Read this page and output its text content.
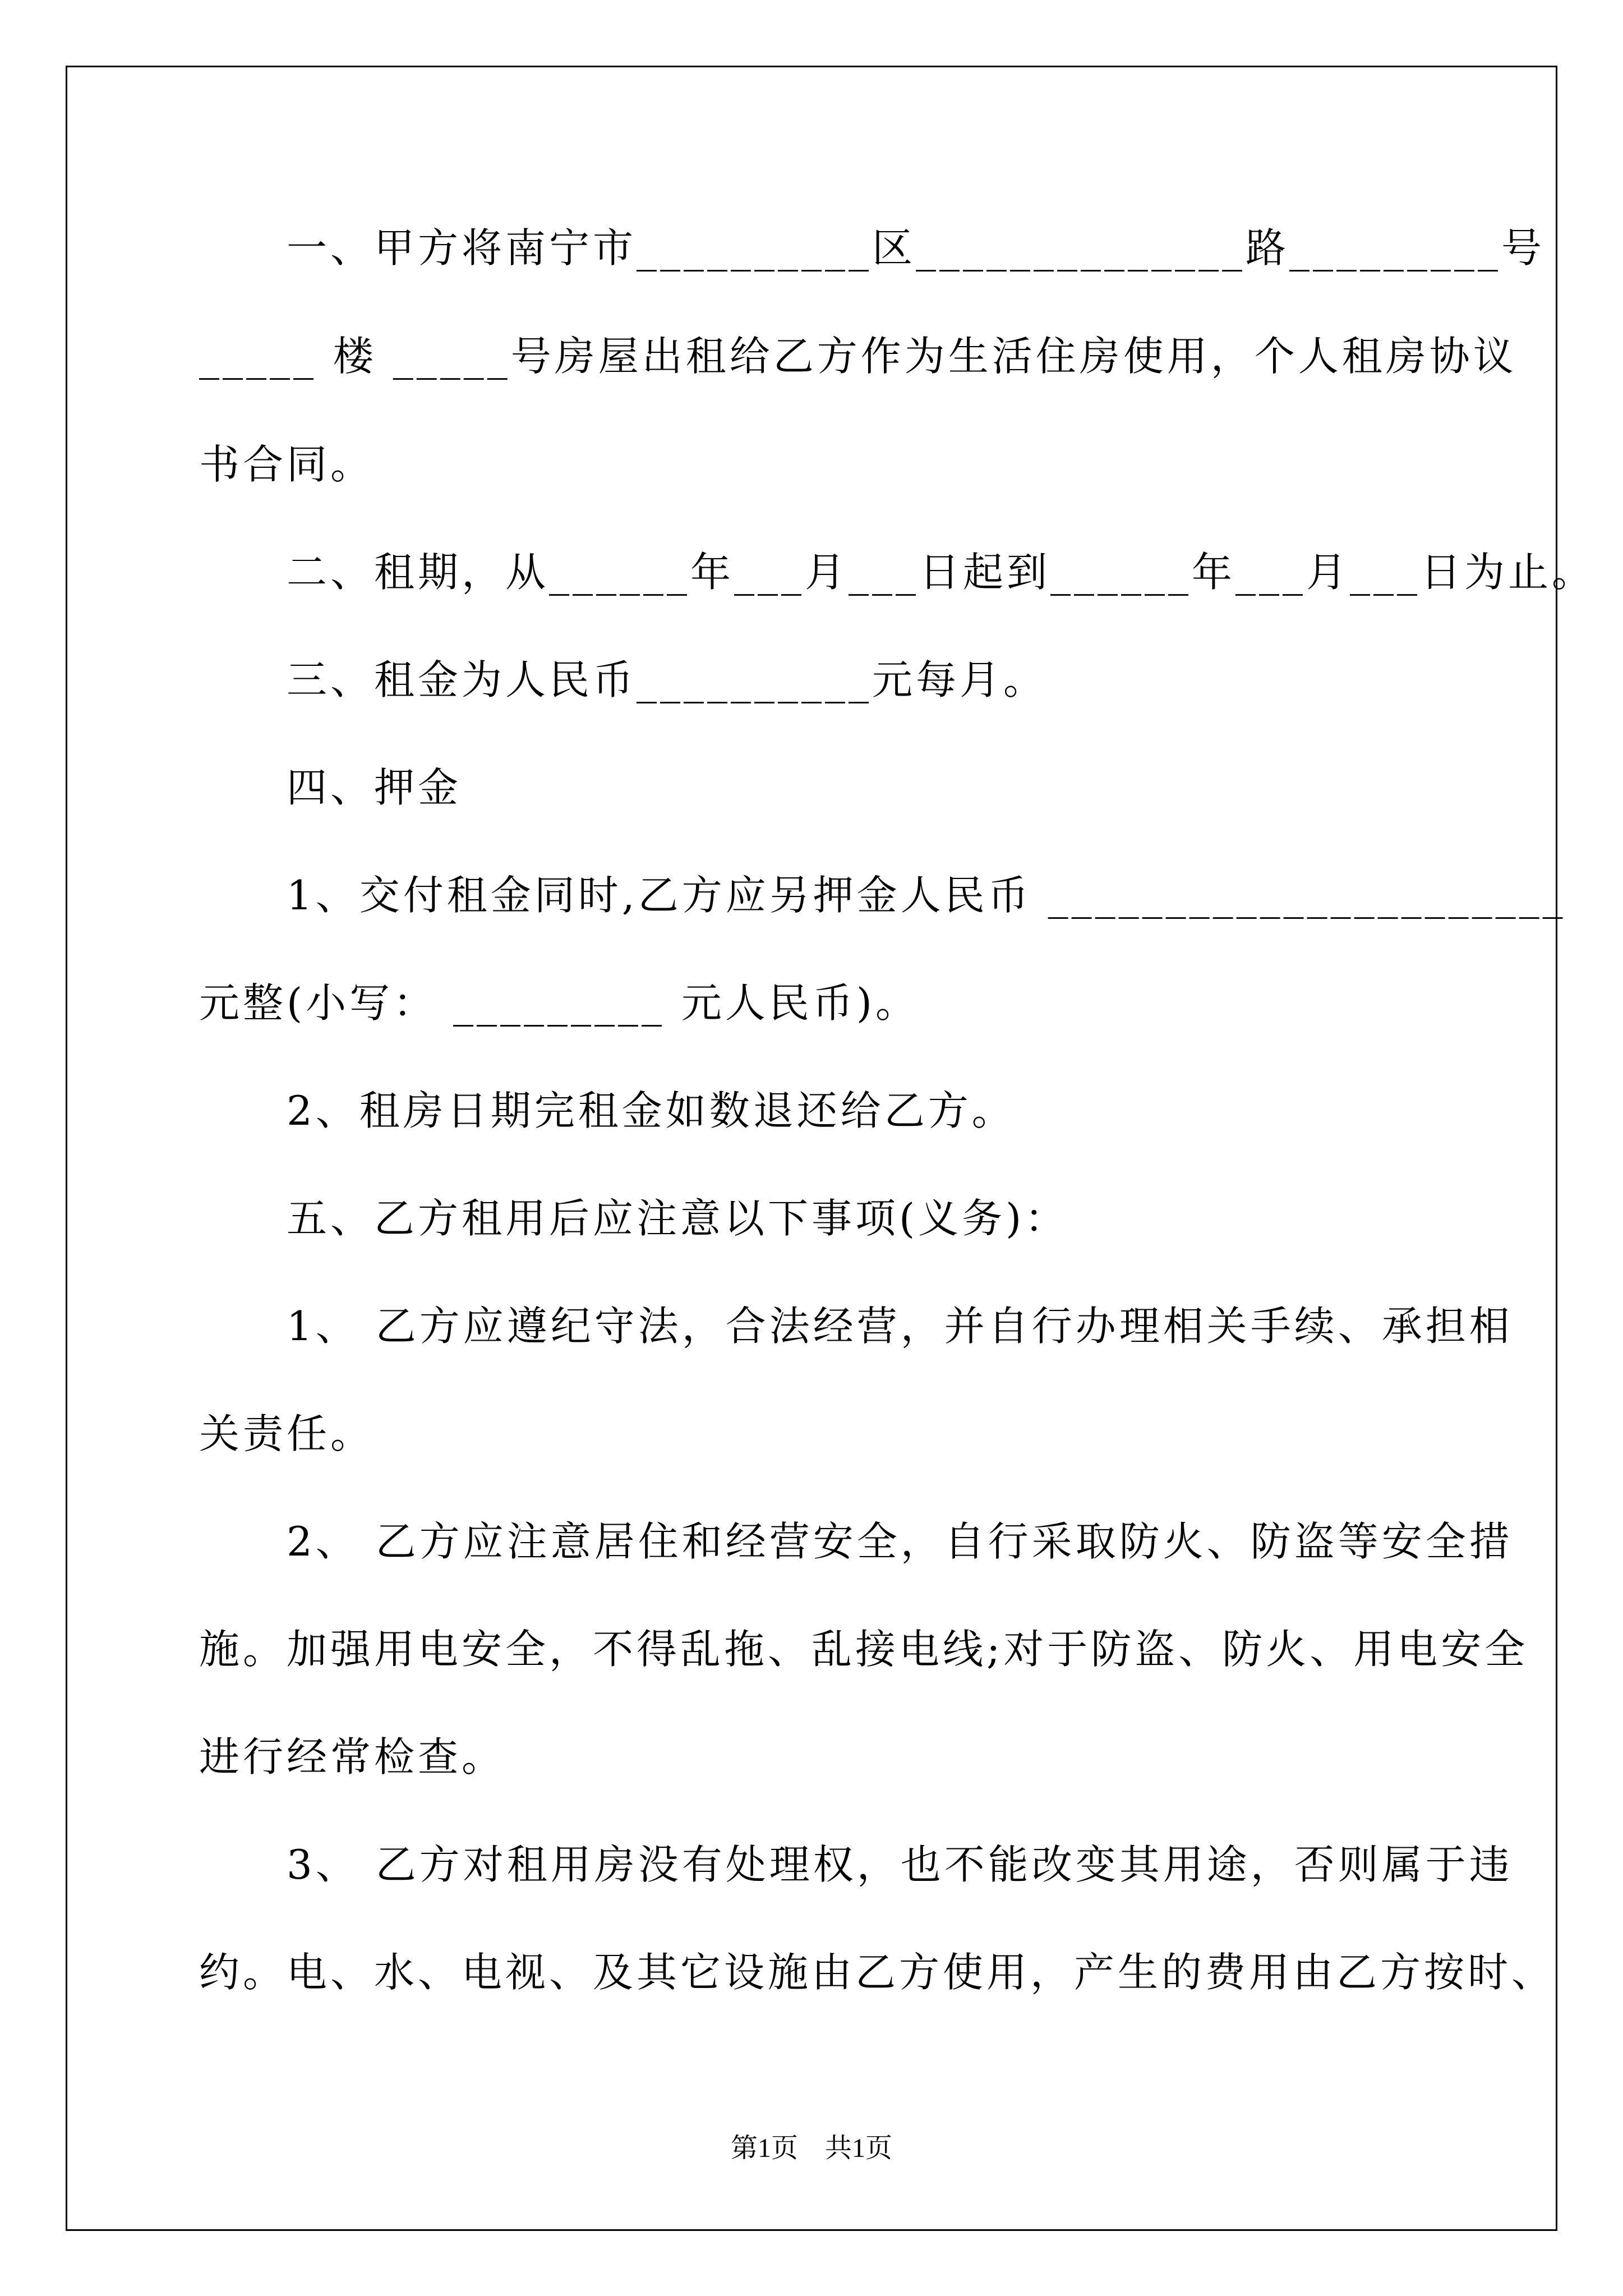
　　一、甲方将南宁市__________区______________路_________号
_____ 楼 _____号房屋出租给乙方作为生活住房使用，个人租房协议
书合同。
　　二、租期，从______年___月___日起到______年___月___日为止。
　　三、租金为人民币__________元每月。
　　四、押金
　　1、交付租金同时,乙方应另押金人民币 ______________________
元整(小写： _________ 元人民币)。
　　2、租房日期完租金如数退还给乙方。
　　五、乙方租用后应注意以下事项(义务)：
　　1、 乙方应遵纪守法，合法经营，并自行办理相关手续、承担相
关责任。
　　2、 乙方应注意居住和经营安全，自行采取防火、防盗等安全措
施。加强用电安全，不得乱拖、乱接电线;对于防盗、防火、用电安全
进行经常检查。
　　3、 乙方对租用房没有处理权，也不能改变其用途，否则属于违
约。电、水、电视、及其它设施由乙方使用，产生的费用由乙方按时、
第1页　共1页
